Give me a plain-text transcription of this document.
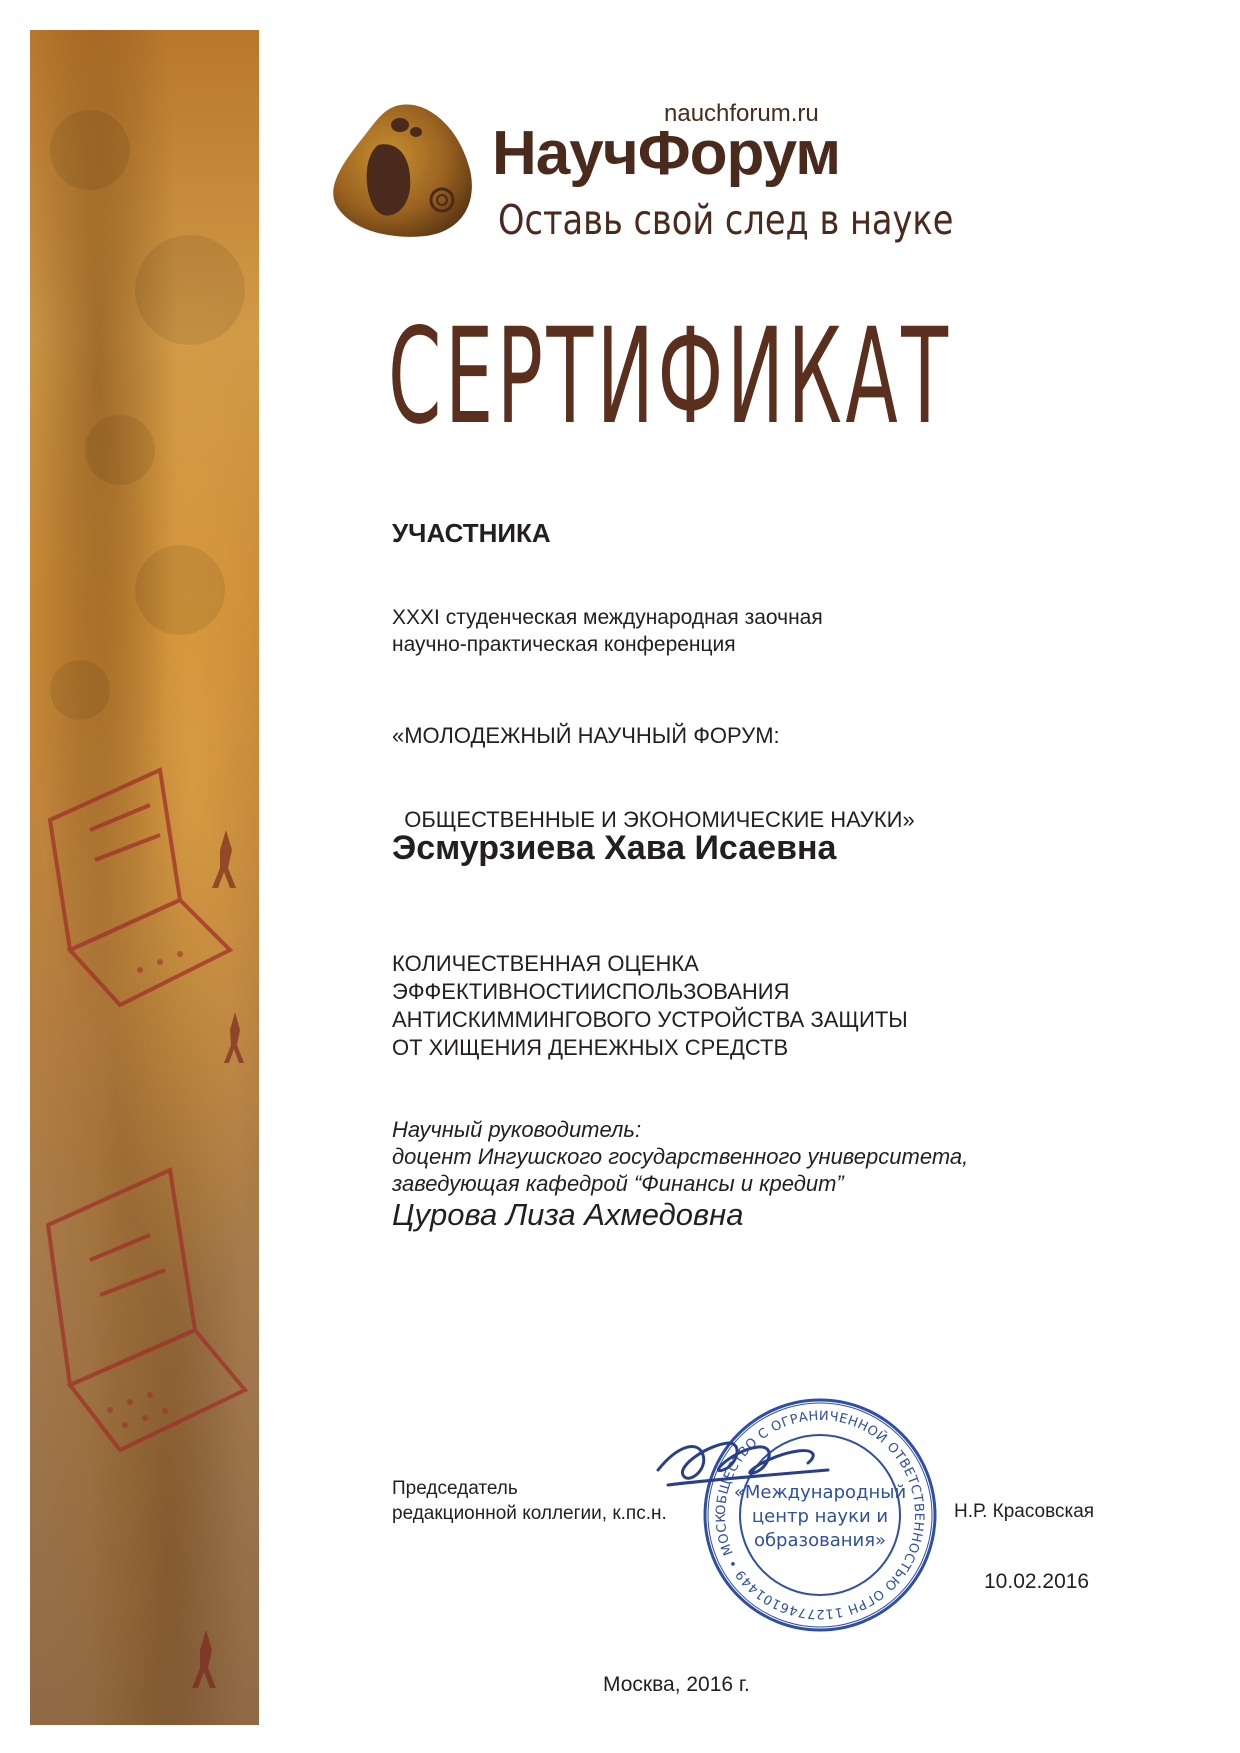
nauchforum.ru
НаучФорум
Оставь свой след в науке
СЕРТИФИКАТ
УЧАСТНИКА
XXXI студенческая международная заочная
научно-практическая конференция

«МОЛОДЕЖНЫЙ НАУЧНЫЙ ФОРУМ:

ОБЩЕСТВЕННЫЕ И ЭКОНОМИЧЕСКИЕ НАУКИ»

Эсмурзиева Хава Исаевна
КОЛИЧЕСТВЕННАЯ ОЦЕНКА
ЭФФЕКТИВНОСТИИСПОЛЬЗОВАНИЯ
АНТИСКИММИНГОВОГО УСТРОЙСТВА ЗАЩИТЫ
ОТ ХИЩЕНИЯ ДЕНЕЖНЫХ СРЕДСТВ
Научный руководитель:
доцент Ингушского государственного университета,
заведующая кафедрой “Финансы и кредит”
Цурова Лиза Ахмедовна
Председатель
редакционной коллегии, к.пс.н.	Н.Р. Красовская
ОБЩЕСТВО С ОГРАНИЧЕННОЙ ОТВЕТСТВЕННОСТЬЮ ОГРН 1127746101449 • МОСК
«Международный
центр науки и
образования»
10.02.2016
Москва, 2016 г.
